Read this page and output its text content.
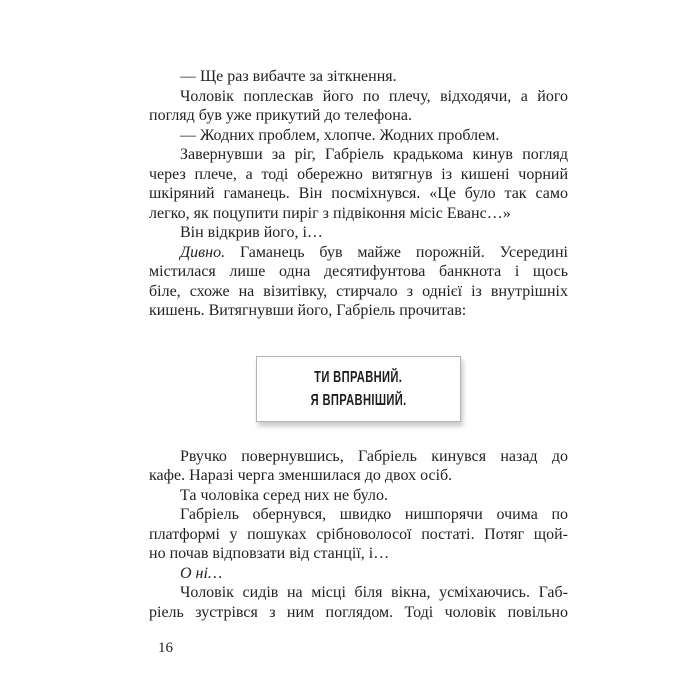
— Ще раз вибачте за зіткнення.
Чоловік поплескав його по плечу, відходячи, а його
погляд був уже прикутий до телефона.
— Жодних проблем, хлопче. Жодних проблем.
Завернувши за ріг, Габріель крадькома кинув погляд
через плече, а тоді обережно витягнув із кишені чорний
шкіряний гаманець. Він посміхнувся. «Це було так само
легко, як поцупити пиріг з підвіконня місіс Еванс…»
Він відкрив його, і…
Дивно. Гаманець був майже порожній. Усередині
містилася лише одна десятифунтова банкнота і щось
біле, схоже на візитівку, стирчало з однієї із внутрішніх
кишень. Витягнувши його, Габріель прочитав:
ТИ ВПРАВНИЙ.
Я ВПРАВНІШИЙ.
Рвучко повернувшись, Габріель кинувся назад до
кафе. Наразі черга зменшилася до двох осіб.
Та чоловіка серед них не було.
Габріель обернувся, швидко нишпорячи очима по
платформі у пошуках срібноволосої постаті. Потяг щой-
но почав відповзати від станції, і…
О ні…
Чоловік сидів на місці біля вікна, усміхаючись. Габ-
ріель зустрівся з ним поглядом. Тоді чоловік повільно
16
